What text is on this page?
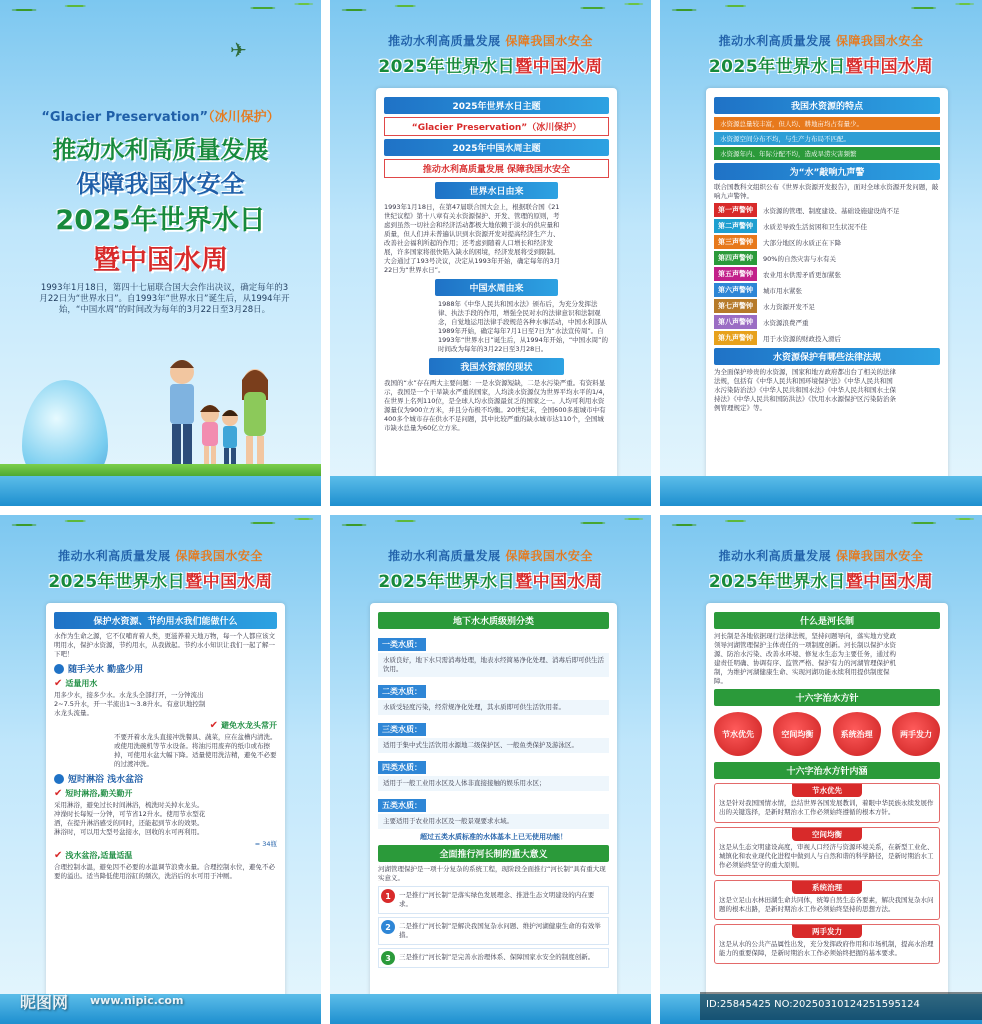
✈
“Glacier Preservation”（冰川保护）
推动水利高质量发展
保障我国水安全
2025年世界水日
暨中国水周
1993年1月18日，第四十七届联合国大会作出决议，确定每年的3月22日为“世界水日”。自1993年“世界水日”诞生后，从1994年开始，“中国水周”的时间改为每年的3月22日至3月28日。
推动水利高质量发展 保障我国水安全
2025年世界水日暨中国水周
2025年世界水日主题
“Glacier Preservation”（冰川保护）
2025年中国水周主题
推动水利高质量发展 保障我国水安全
世界水日由来
1993年1月18日，在第47届联合国大会上，根据联合国《21世纪议程》第十八章有关水资源保护、开发、管理的原则，考虑到虽然一切社会和经济活动都极大地依赖于淡水的供应量和质量，但人们并未普遍认识到水资源开发对提高经济生产力、改善社会福利所起的作用；还考虑到随着人口增长和经济发展，许多国家将很快陷入缺水的困境，经济发展将受到限制。大会通过了193号决议，决定从1993年开始，确定每年的3月22日为“世界水日”。
中国水周由来
1988年《中华人民共和国水法》颁布后，为充分发挥法律、执法手段的作用，增强全民对水的法律意识和法制观念，自觉地运用法律手段规范各种水事活动，中国水利部从1989年开始，确定每年7月1日至7日为“水法宣传周”。自1993年“世界水日”诞生后，从1994年开始，“中国水周”的时间改为每年的3月22日至3月28日。
我国水资源的现状
我国的“水”存在两大主要问题：一是水资源短缺，二是水污染严重。有资料显示，我国是一个干旱缺水严重的国家，人均淡水资源仅为世界平均水平的1/4，在世界上名列110位，是全球人均水资源最贫乏的国家之一。人均可利用水资源量仅为900立方米，并且分布极不均衡。20世纪末，全国600多座城市中有400多个城市存在供水不足问题，其中比较严重的缺水城市达110个，全国城市缺水总量为60亿立方米。
推动水利高质量发展 保障我国水安全
2025年世界水日暨中国水周
我国水资源的特点
水资源总量较丰富，但人均、耕地亩均占有量少。
水资源空间分布不均，与生产力布局不匹配。
水资源年内、年际分配不均，造成旱涝灾害频繁
为“水”敲响九声警
联合国教科文组织公布《世界水资源开发报告》，面对全球水资源开发问题，敲响九声警钟。
第一声警钟	水资源的管理、制度建设、基础设施建设尚不足
第二声警钟	水质差导致生活贫困和卫生状况不佳
第三声警钟	大部分地区的水质正在下降
第四声警钟	90%的自然灾害与水有关
第五声警钟	农业用水供需矛盾更加紧张
第六声警钟	城市用水紧张
第七声警钟	水力资源开发不足
第八声警钟	水资源浪费严重
第九声警钟	用于水资源的财政投入滑后
水资源保护有哪些法律法规
为全面保护珍贵的水资源，国家和地方政府都出台了相关的法律法规，包括有《中华人民共和国环境保护法》《中华人民共和国水污染防治法》《中华人民共和国水法》《中华人民共和国水土保持法》《中华人民共和国防洪法》《饮用水水源保护区污染防治条例管理规定》等。
推动水利高质量发展 保障我国水安全
2025年世界水日暨中国水周
保护水资源、节约用水我们能做什么
水作为生命之源，它不仅哺育着人类，更滋养着天地万物，每一个人都应该文明用水，保护水资源，节约用水，从我做起。节约水小知识让我们一起了解一下吧！
随手关水 勤盛少用
✔ 适量用水
用多少水，接多少水。水龙头全部打开，一分钟流出2~7.5升水，开一半流出1～3.8升水。有意识地控制水龙头流量。
✔ 避免水龙头常开
不要开着水龙头直接冲洗餐具、蔬菜，应在盆槽内清洗。或使用洗碗机等节水设备。将油污用废弃的纸巾或布擦掉，可使用水盆大幅下降。适量使用洗洁精，避免不必要的过渡冲洗。
短时淋浴 浅水盆浴
✔ 短时淋浴,勤关勤开
采用淋浴，避免过长时间淋浴，梳洗时关掉水龙头。冲澡时长每短一分钟，可节省12升水。使用节水型花洒，在提升淋浴感受的同时，还能起到节水的效果。淋浴时，可以用大型号盆接水，回收的水可再利用。
= 34瓶
✔ 浅水盆浴,适量适温
合理控制水温，避免因不必要的水温调节浪费水量。合理控制水位，避免不必要的溢出。适当降低使用浴缸的频次，洗浴后的水可用于冲厕。
推动水利高质量发展 保障我国水安全
2025年世界水日暨中国水周
地下水水质级别分类
一类水质：
水质良好，地下水只需消毒处理，地表水经简易净化处理、消毒后即可供生活饮用。
二类水质：
水质受轻度污染，经常规净化处理，其水质即可供生活饮用者。
三类水质：
适用于集中式生活饮用水源地二级保护区、一般鱼类保护及游泳区。
四类水质：
适用于一般工业用水区及人体非直接接触的娱乐用水区；
五类水质：
主要适用于农业用水区及一般景观要求水域。
超过五类水质标准的水体基本上已无使用功能！
全面推行河长制的重大意义
河湖管理保护是一项十分复杂的系统工程，现阶段全面推行“河长制”具有重大现实意义。
1	一是推行“河长制”是落实绿色发展理念、推进生态文明建设的内在要求。
2	二是推行“河长制”是解决我国复杂水问题、维护河湖健康生命的有效举措。
3	三是推行“河长制”是完善水治理体系、保障国家水安全的制度创新。
推动水利高质量发展 保障我国水安全
2025年世界水日暨中国水周
什么是河长制
河长制是各地依据现行法律法规，坚持问题导向，落实地方党政领导河湖管理保护主体责任的一项制度创新。河长制以保护水资源、防治水污染、改善水环境、修复水生态为主要任务，通过构建责任明确、协调有序、监管严格、保护有力的河湖管理保护机制，为维护河湖健康生命、实现河湖功能永续利用提供制度保障。
十六字治水方针
节水优先	空间均衡	系统治理	两手发力
十六字治水方针内涵
节水优先
这是针对我国国情水情，总结世界各国发展教训，着眼中华民族永续发展作出的关键选择，是新时期治水工作必须始终遵循的根本方针。
空间均衡
这是从生态文明建设高度，审视人口经济与资源环境关系，在新型工业化、城镇化和农业现代化进程中做到人与自然和谐的科学路径，是新时期治水工作必须始终坚守的重大原则。
系统治理
这是立足山水林田湖生命共同体，统筹自然生态各要素，解决我国复杂水问题的根本出路，是新时期治水工作必须始终坚持的思想方法。
两手发力
这是从水的公共产品属性出发，充分发挥政府作用和市场机制，提高水治理能力的重要保障，是新时期治水工作必须始终把握的基本要求。
昵图网 www.nipic.com	ID:25845425 NO:20250310124251595124
